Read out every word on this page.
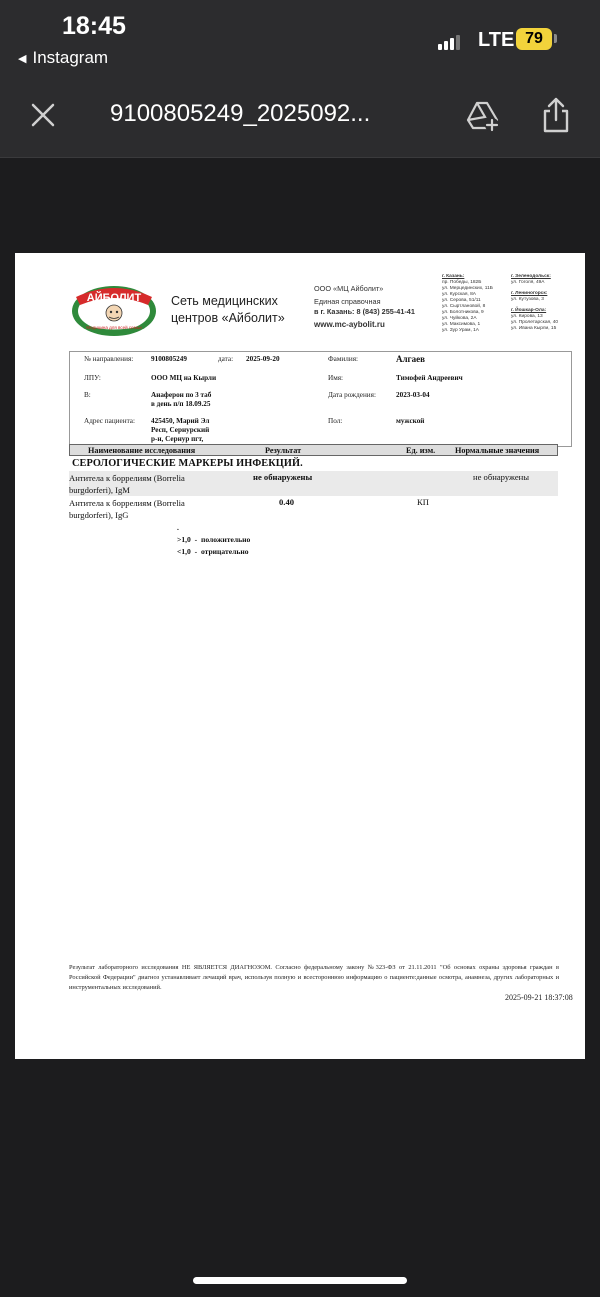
18:45
◀ Instagram
LTE 79
9100805249_2025092...
АЙБОЛИТ
Медицина для всей семьи
Сеть медицинских
центров «Айболит»
ООО «МЦ Айболит»
Единая справочная
в г. Казань: 8 (843) 255-41-41
www.mc-aybolit.ru
г. Казань:
пр. Победы, 182Б
ул. Мерцединских, 11Б
ул. Курская, 8А
ул. Серова, 51/11
ул. Сыртлановой, 8
ул. Болотникова, 9
ул. Чуйкова, 2А
ул. Максимова, 1
ул. Зур Урам, 1А
г. Зеленодольск:
ул. Гоголя, 49А
г. Лениногорск:
ул. Кутузова, 3
г. Йошкар-Ола:
ул. Кирова, 13
ул. Пролетарская, 40
ул. Ивана Кырли, 15
№ направления: 9100805249	дата: 2025-09-20	Фамилия:	Алгаев
ЛПУ:	ООО МЦ на Кырли	Имя:	Тимофей Андреевич
В:	Анаферон по 3 таб
в день п/п 18.09.25
Дата рождения:	2023-03-04
Адрес пациента: 425450, Марий Эл
Респ, Сернурский
р-н, Сернур пгт,
Пол:	мужской
Наименование исследования	Результат	Ед. изм. Нормальные значения
СЕРОЛОГИЧЕСКИЕ МАРКЕРЫ ИНФЕКЦИЙ.
Антитела к боррелиям (Borrelia
burgdorferi), IgM
не обнаружены	не обнаружены
Антитела к боррелиям (Borrelia
burgdorferi), IgG
0.40	КП
.
>1,0  -  положительно
<1,0  -  отрицательно
Результат лабораторного исследования НЕ ЯВЛЯЕТСЯ ДИАГНОЗОМ. Согласно федеральному закону №323-ФЗ от 21.11.2011 "Об основах охраны здоровья граждан в Российской Федерации" диагноз устанавливает лечащий врач, используя полную и всестороннюю информацию о пациенте:данные осмотра, анамнеза, других лабораторных и инструментальных исследований.
2025-09-21 18:37:08
